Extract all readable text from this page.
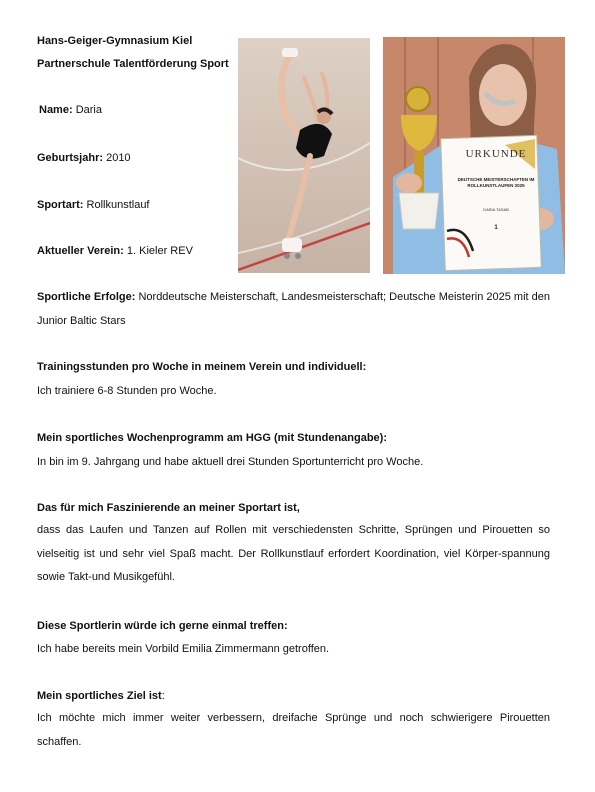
Hans-Geiger-Gymnasium Kiel
Partnerschule Talentförderung Sport
Name: Daria
Geburtsjahr: 2010
Sportart: Rollkunstlauf
Aktueller Verein: 1. Kieler REV
URKUNDE
DEUTSCHE MEISTERSCHAFTEN IM ROLLKUNSTLAUFEN 2025
DARIA TASAB
1
Sportliche Erfolge: Norddeutsche Meisterschaft, Landesmeisterschaft; Deutsche Meisterin 2025 mit den Junior Baltic Stars
Trainingsstunden pro Woche in meinem Verein und individuell:
Ich trainiere 6-8 Stunden pro Woche.
Mein sportliches Wochenprogramm am HGG (mit Stundenangabe):
In bin im 9. Jahrgang und habe aktuell drei Stunden Sportunterricht pro Woche.
Das für mich Faszinierende an meiner Sportart ist,
dass das Laufen und Tanzen auf Rollen mit verschiedensten Schritte, Sprüngen und Pirouetten so vielseitig ist und sehr viel Spaß macht. Der Rollkunstlauf erfordert Koordination, viel Körper-spannung sowie Takt-und Musikgefühl.
Diese Sportlerin würde ich gerne einmal treffen:
Ich habe bereits mein Vorbild Emilia Zimmermann getroffen.
Mein sportliches Ziel ist:
Ich möchte mich immer weiter verbessern, dreifache Sprünge und noch schwierigere Pirouetten schaffen.
